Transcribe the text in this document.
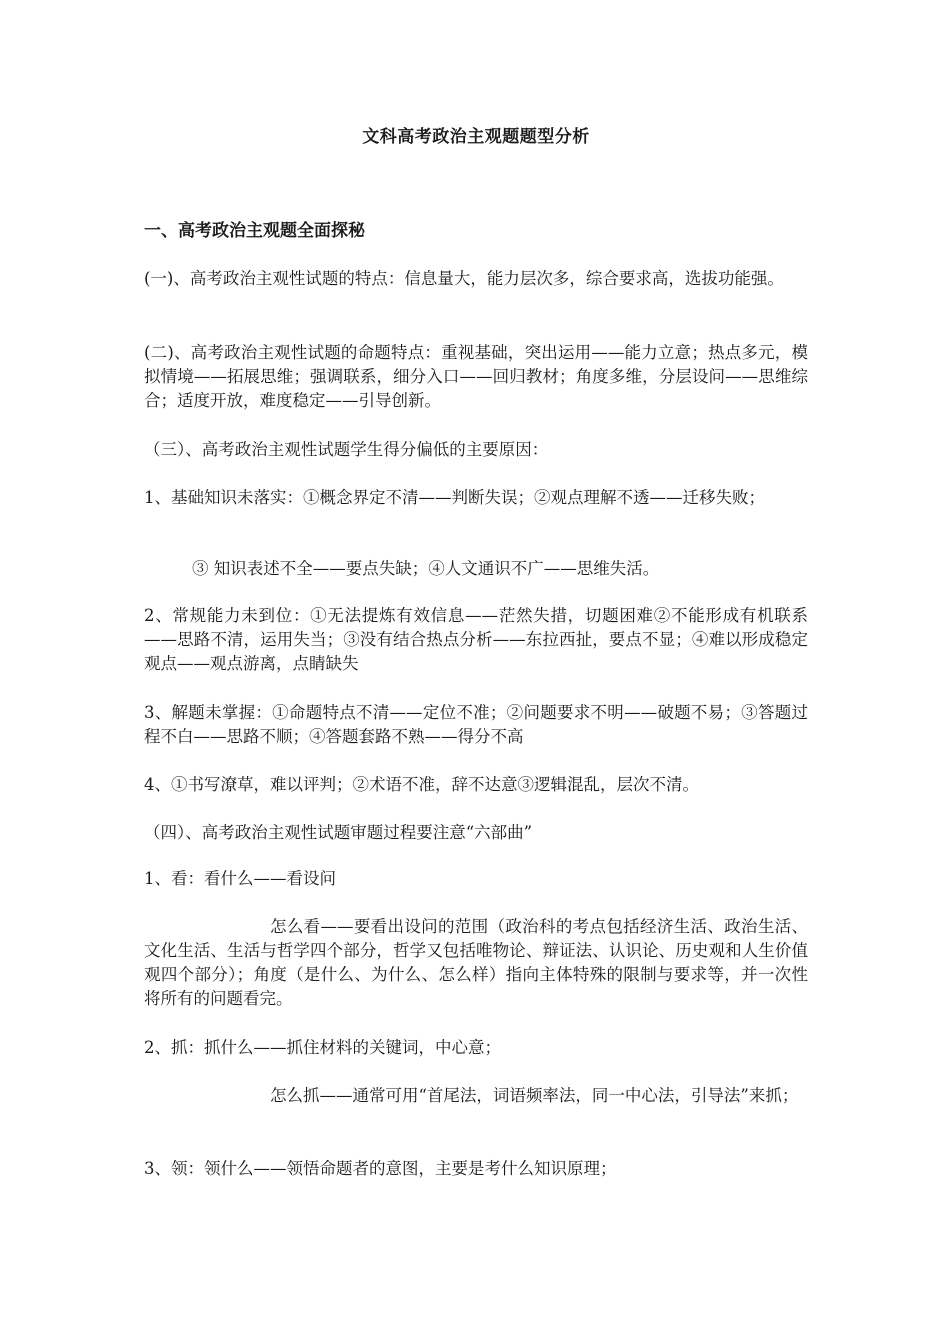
文科高考政治主观题题型分析
一、高考政治主观题全面探秘

(一)、高考政治主观性试题的特点：信息量大，能力层次多，综合要求高，选拔功能强。

(二)、高考政治主观性试题的命题特点：重视基础，突出运用——能力立意；热点多元，模拟情境——拓展思维；强调联系，细分入口——回归教材；角度多维，分层设问——思维综合；适度开放，难度稳定——引导创新。

（三）、高考政治主观性试题学生得分偏低的主要原因：

1、基础知识未落实：①概念界定不清——判断失误；②观点理解不透——迁移失败；

③ 知识表述不全——要点失缺；④人文通识不广——思维失活。

2、常规能力未到位：①无法提炼有效信息——茫然失措，切题困难②不能形成有机联系——思路不清，运用失当；③没有结合热点分析——东拉西扯，要点不显；④难以形成稳定观点——观点游离，点睛缺失

3、解题未掌握：①命题特点不清——定位不准；②问题要求不明——破题不易；③答题过程不白——思路不顺；④答题套路不熟——得分不高

4、①书写潦草，难以评判；②术语不准，辞不达意③逻辑混乱，层次不清。

（四）、高考政治主观性试题审题过程要注意“六部曲”

1、看：看什么——看设问

怎么看——要看出设问的范围（政治科的考点包括经济生活、政治生活、文化生活、生活与哲学四个部分，哲学又包括唯物论、辩证法、认识论、历史观和人生价值观四个部分）；角度（是什么、为什么、怎么样）指向主体特殊的限制与要求等，并一次性将所有的问题看完。

2、抓：抓什么——抓住材料的关键词，中心意；

怎么抓——通常可用“首尾法，词语频率法，同一中心法，引导法”来抓；

3、领：领什么——领悟命题者的意图，主要是考什么知识原理；
